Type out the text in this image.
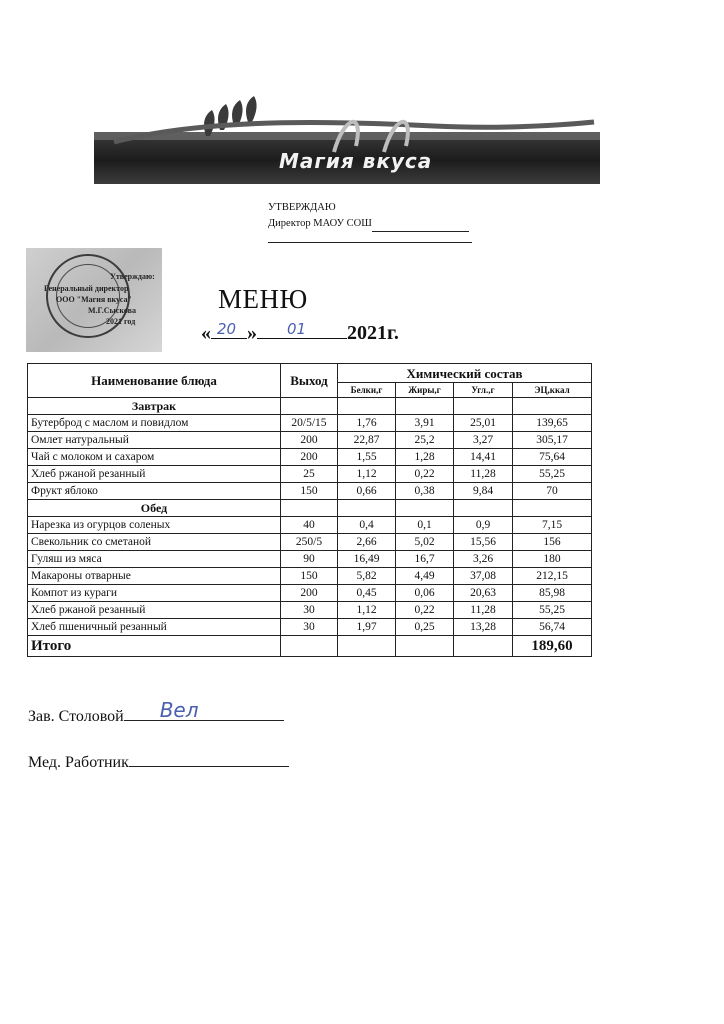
Магия вкуса
УТВЕРЖДАЮ
Директор МАОУ СОШ
Утверждаю:
Генеральный директор
ООО "Магия вкуса"
М.Г.Сыскова
2021 год
МЕНЮ
« 20 » 01 2021г.
Наименование блюда	Выход	Химический состав			
		Белки,г	Жиры,г	Угл.,г	ЭЦ,ккал
Завтрак					
Бутерброд с маслом и повидлом	20/5/15	1,76	3,91	25,01	139,65
Омлет натуральный	200	22,87	25,2	3,27	305,17
Чай с молоком и сахаром	200	1,55	1,28	14,41	75,64
Хлеб ржаной резанный	25	1,12	0,22	11,28	55,25
Фрукт яблоко	150	0,66	0,38	9,84	70
Обед					
Нарезка из огурцов соленых	40	0,4	0,1	0,9	7,15
Свекольник со сметаной	250/5	2,66	5,02	15,56	156
Гуляш из мяса	90	16,49	16,7	3,26	180
Макароны отварные	150	5,82	4,49	37,08	212,15
Компот из кураги	200	0,45	0,06	20,63	85,98
Хлеб ржаной резанный	30	1,12	0,22	11,28	55,25
Хлеб пшеничный резанный	30	1,97	0,25	13,28	56,74
Итого					189,60
Зав. Столовой Вел
Мед. Работник
